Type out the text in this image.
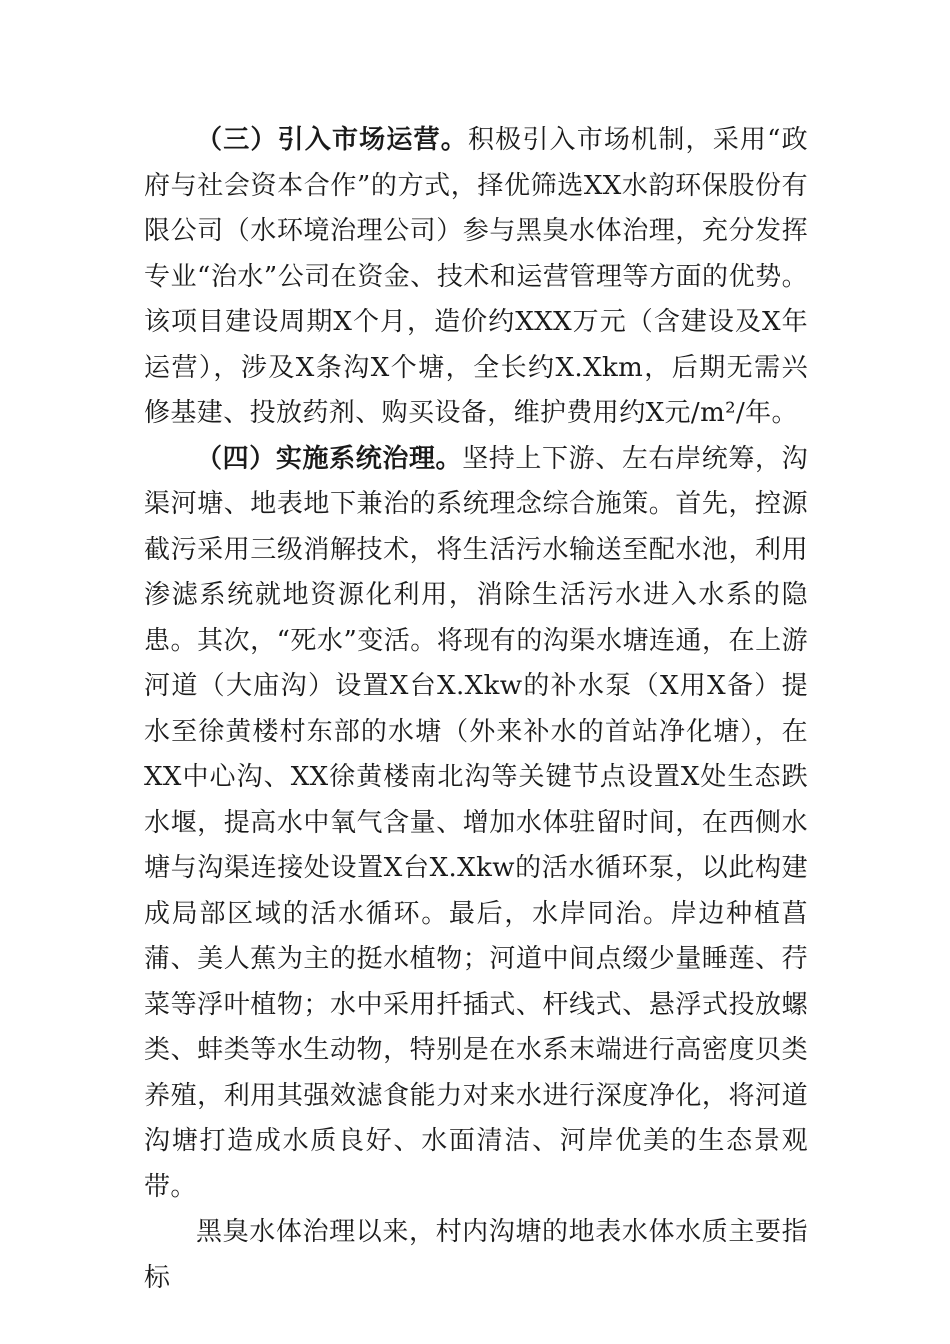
（三）引入市场运营。积极引入市场机制，采用“政府与社会资本合作”的方式，择优筛选XX水韵环保股份有限公司（水环境治理公司）参与黑臭水体治理，充分发挥专业“治水”公司在资金、技术和运营管理等方面的优势。该项目建设周期X个月，造价约XXX万元（含建设及X年运营），涉及X条沟X个塘，全长约X.Xkm，后期无需兴修基建、投放药剂、购买设备，维护费用约X元/m²/年。

（四）实施系统治理。坚持上下游、左右岸统筹，沟渠河塘、地表地下兼治的系统理念综合施策。首先，控源截污采用三级消解技术，将生活污水输送至配水池，利用渗滤系统就地资源化利用，消除生活污水进入水系的隐患。其次，“死水”变活。将现有的沟渠水塘连通，在上游河道（大庙沟）设置X台X.Xkw的补水泵（X用X备）提水至徐黄楼村东部的水塘（外来补水的首站净化塘），在XX中心沟、XX徐黄楼南北沟等关键节点设置X处生态跌水堰，提高水中氧气含量、增加水体驻留时间，在西侧水塘与沟渠连接处设置X台X.Xkw的活水循环泵，以此构建成局部区域的活水循环。最后，水岸同治。岸边种植菖蒲、美人蕉为主的挺水植物；河道中间点缀少量睡莲、荇菜等浮叶植物；水中采用扦插式、杆线式、悬浮式投放螺类、蚌类等水生动物，特别是在水系末端进行高密度贝类养殖，利用其强效滤食能力对来水进行深度净化，将河道沟塘打造成水质良好、水面清洁、河岸优美的生态景观带。

黑臭水体治理以来，村内沟塘的地表水体水质主要指标
